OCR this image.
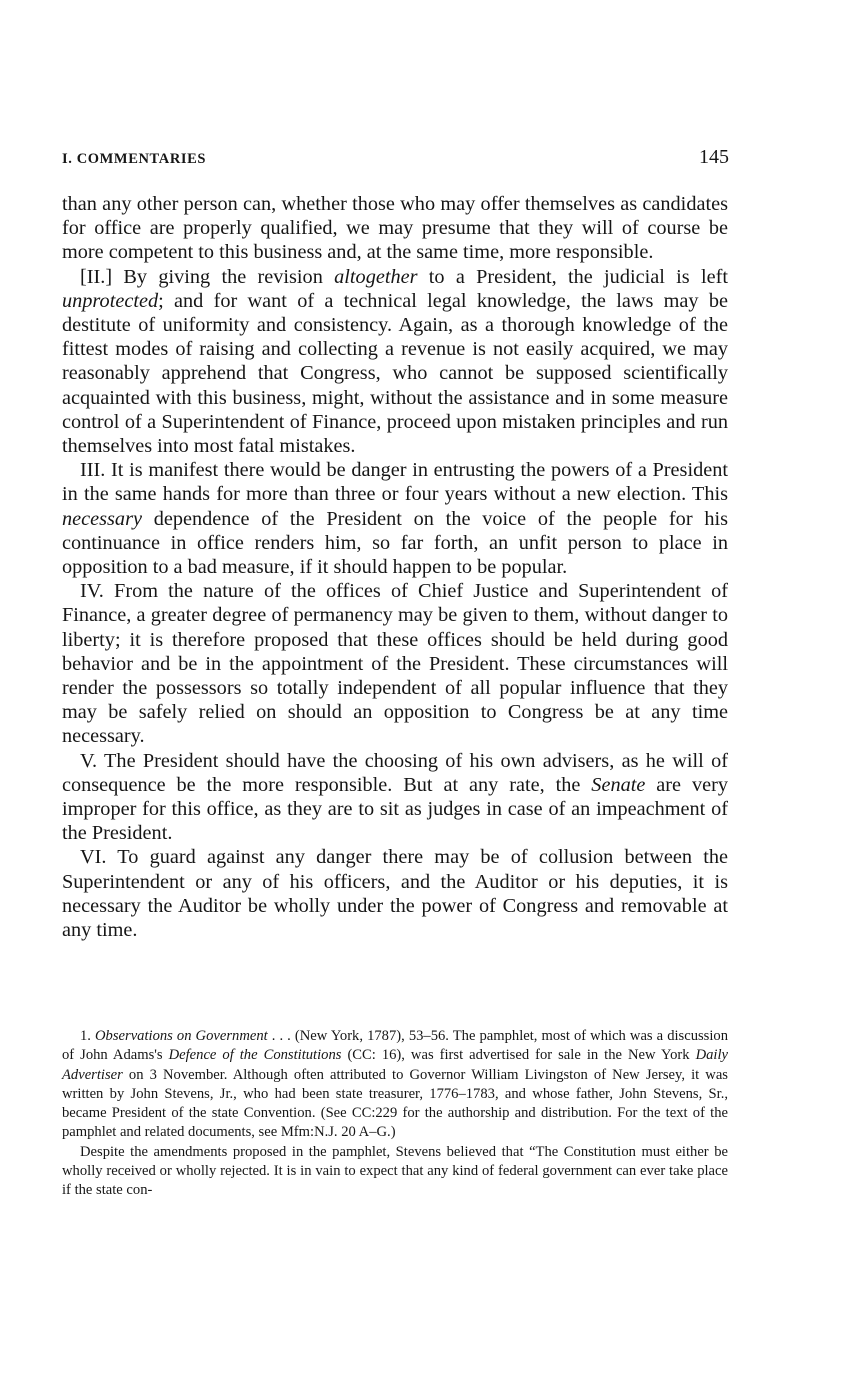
I. COMMENTARIES	145

than any other person can, whether those who may offer themselves as candidates for office are properly qualified, we may presume that they will of course be more competent to this business and, at the same time, more responsible.

[II.] By giving the revision altogether to a President, the judicial is left unprotected; and for want of a technical legal knowledge, the laws may be destitute of uniformity and consistency. Again, as a thorough knowledge of the fittest modes of raising and collecting a revenue is not easily acquired, we may reasonably apprehend that Congress, who cannot be supposed scientifically acquainted with this business, might, without the assistance and in some measure control of a Superintendent of Finance, proceed upon mistaken principles and run themselves into most fatal mistakes.

III. It is manifest there would be danger in entrusting the powers of a President in the same hands for more than three or four years without a new election. This necessary dependence of the President on the voice of the people for his continuance in office renders him, so far forth, an unfit person to place in opposition to a bad measure, if it should happen to be popular.

IV. From the nature of the offices of Chief Justice and Superintendent of Finance, a greater degree of permanency may be given to them, without danger to liberty; it is therefore proposed that these offices should be held during good behavior and be in the appointment of the President. These circumstances will render the possessors so totally independent of all popular influence that they may be safely relied on should an opposition to Congress be at any time necessary.

V. The President should have the choosing of his own advisers, as he will of consequence be the more responsible. But at any rate, the Senate are very improper for this office, as they are to sit as judges in case of an impeachment of the President.

VI. To guard against any danger there may be of collusion between the Superintendent or any of his officers, and the Auditor or his deputies, it is necessary the Auditor be wholly under the power of Congress and removable at any time.

1. Observations on Government . . . (New York, 1787), 53–56. The pamphlet, most of which was a discussion of John Adams's Defence of the Constitutions (CC: 16), was first advertised for sale in the New York Daily Advertiser on 3 November. Although often attributed to Governor William Livingston of New Jersey, it was written by John Stevens, Jr., who had been state treasurer, 1776–1783, and whose father, John Stevens, Sr., became President of the state Convention. (See CC:229 for the authorship and distribution. For the text of the pamphlet and related documents, see Mfm:N.J. 20 A–G.)

Despite the amendments proposed in the pamphlet, Stevens believed that “The Constitution must either be wholly received or wholly rejected. It is in vain to expect that any kind of federal government can ever take place if the state con-
